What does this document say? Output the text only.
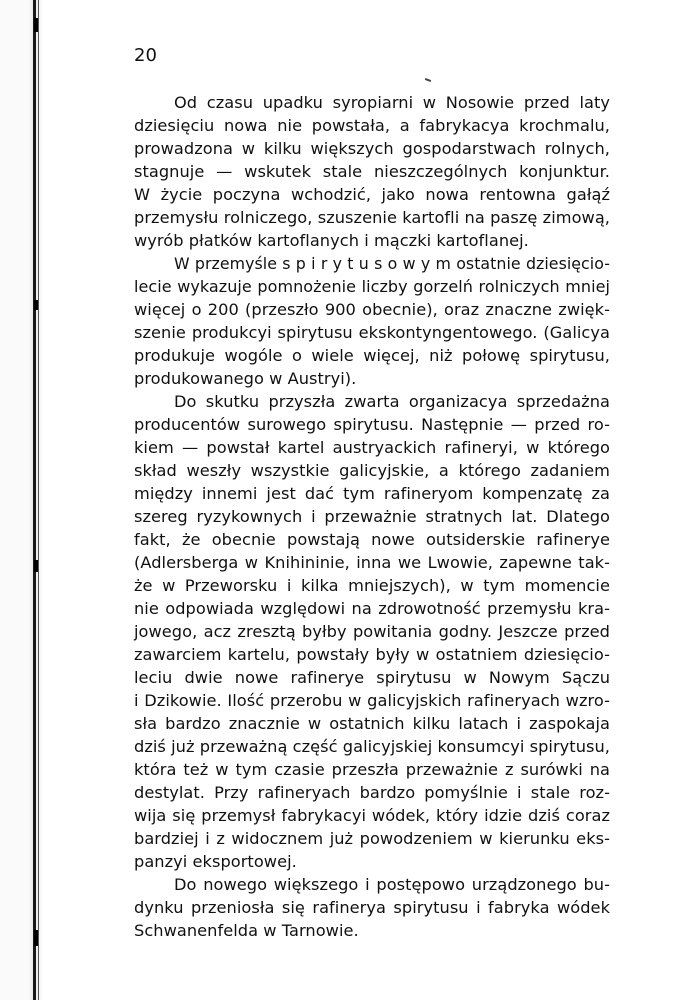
20
Od czasu upadku syropiarni w Nosowie przed laty
dziesięciu nowa nie powstała, a fabrykacya krochmalu,
prowadzona w kilku większych gospodarstwach rolnych,
stagnuje — wskutek stale nieszczególnych konjunktur.
W życie poczyna wchodzić, jako nowa rentowna gałąź
przemysłu rolniczego, szuszenie kartofli na paszę zimową,
wyrób płatków kartoflanych i mączki kartoflanej.
W przemyśle s p i r y t u s o w y m ostatnie dziesięcio-
lecie wykazuje pomnożenie liczby gorzelń rolniczych mniej
więcej o 200 (przeszło 900 obecnie), oraz znaczne zwięk-
szenie produkcyi spirytusu ekskontyngentowego. (Galicya
produkuje wogóle o wiele więcej, niż połowę spirytusu,
produkowanego w Austryi).
Do skutku przyszła zwarta organizacya sprzedażna
producentów surowego spirytusu. Następnie — przed ro-
kiem — powstał kartel austryackich rafineryi, w którego
skład weszły wszystkie galicyjskie, a którego zadaniem
między innemi jest dać tym rafineryom kompenzatę za
szereg ryzykownych i przeważnie stratnych lat. Dlatego
fakt, że obecnie powstają nowe outsiderskie rafinerye
(Adlersberga w Knihininie, inna we Lwowie, zapewne tak-
że w Przeworsku i kilka mniejszych), w tym momencie
nie odpowiada względowi na zdrowotność przemysłu kra-
jowego, acz zresztą byłby powitania godny. Jeszcze przed
zawarciem kartelu, powstały były w ostatniem dziesięcio-
leciu dwie nowe rafinerye spirytusu w Nowym Sączu
i Dzikowie. Ilość przerobu w galicyjskich rafineryach wzro-
sła bardzo znacznie w ostatnich kilku latach i zaspokaja
dziś już przeważną część galicyjskiej konsumcyi spirytusu,
która też w tym czasie przeszła przeważnie z surówki na
destylat. Przy rafineryach bardzo pomyślnie i stale roz-
wija się przemysł fabrykacyi wódek, który idzie dziś coraz
bardziej i z widocznem już powodzeniem w kierunku eks-
panzyi eksportowej.
Do nowego większego i postępowo urządzonego bu-
dynku przeniosła się rafinerya spirytusu i fabryka wódek
Schwanenfelda w Tarnowie.
